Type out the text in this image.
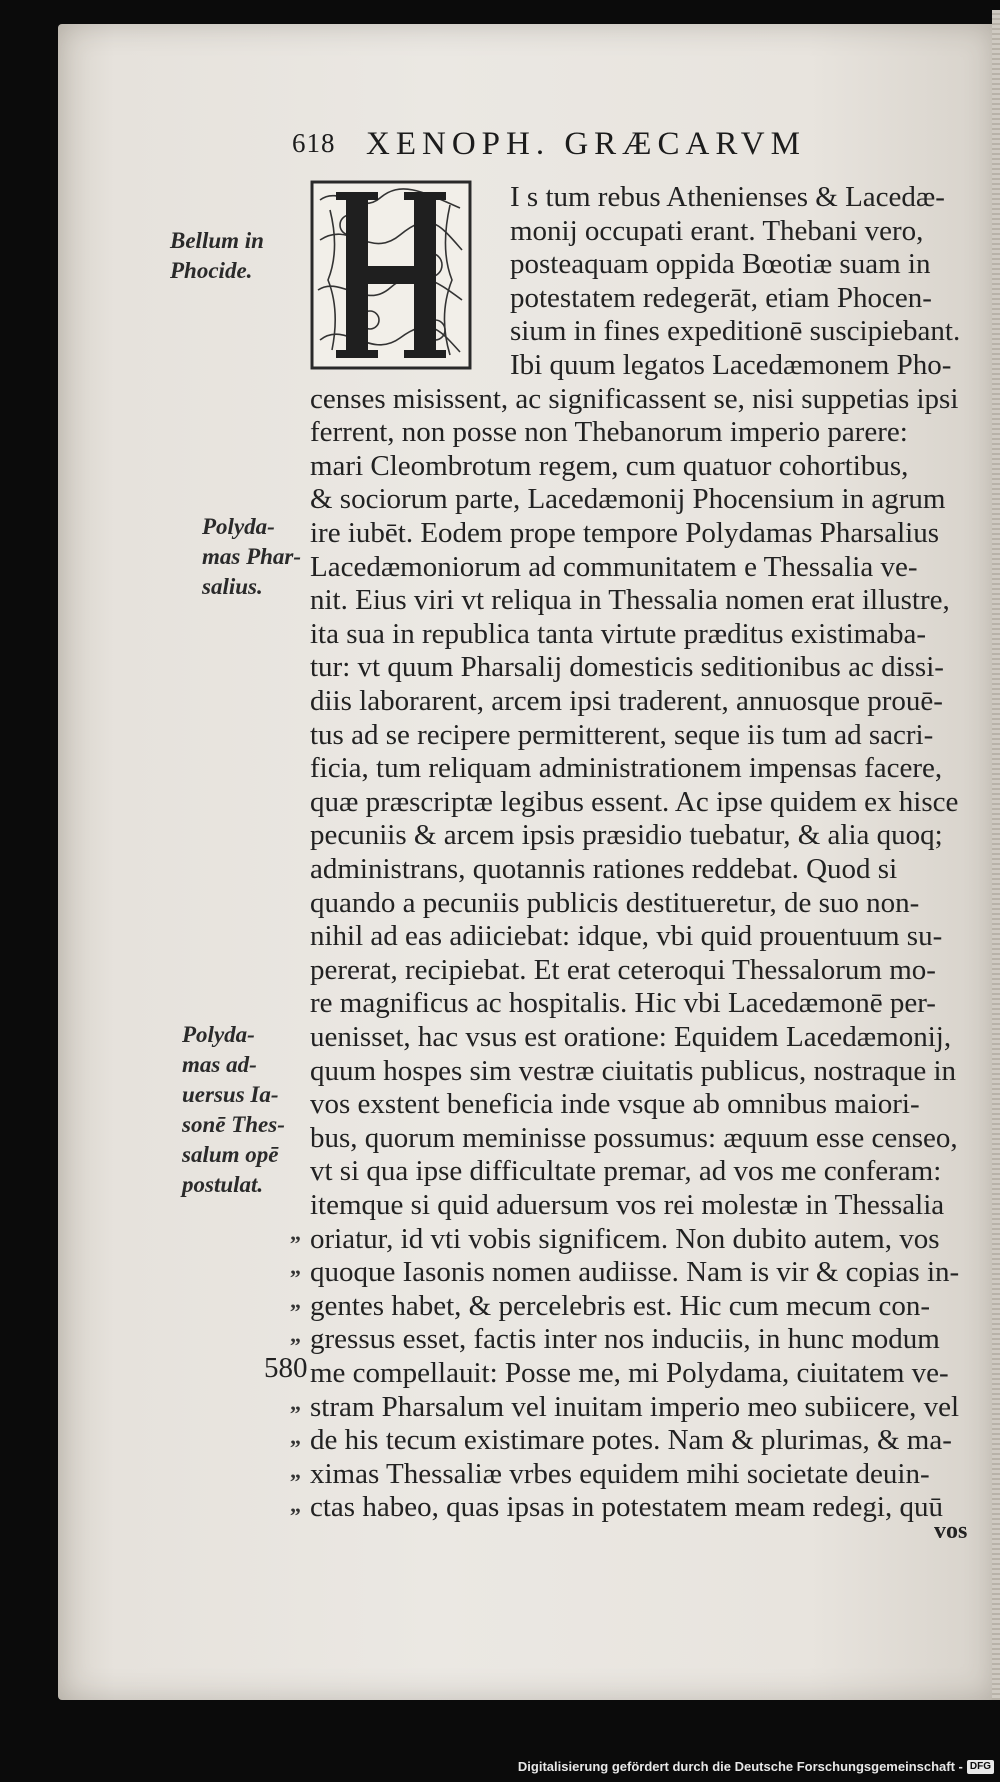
618 XENOPH. GRÆCARVM
I s tum rebus Athenienses & Lacedæ-
monij occupati erant. Thebani vero,
posteaquam oppida Bœotiæ suam in
potestatem redegerāt, etiam Phocen-
sium in fines expeditionē suscipiebant.
Ibi quum legatos Lacedæmonem Pho-
censes misissent, ac significassent se, nisi suppetias ipsi
ferrent, non posse non Thebanorum imperio parere:
mari Cleombrotum regem, cum quatuor cohortibus,
& sociorum parte, Lacedæmonij Phocensium in agrum
ire iubēt. Eodem prope tempore Polydamas Pharsalius
Lacedæmoniorum ad communitatem e Thessalia ve-
nit. Eius viri vt reliqua in Thessalia nomen erat illustre,
ita sua in republica tanta virtute præditus existimaba-
tur: vt quum Pharsalij domesticis seditionibus ac dissi-
diis laborarent, arcem ipsi traderent, annuosque prouē-
tus ad se recipere permitterent, seque iis tum ad sacri-
ficia, tum reliquam administrationem impensas facere,
quæ præscriptæ legibus essent. Ac ipse quidem ex hisce
pecuniis & arcem ipsis præsidio tuebatur, & alia quoq;
administrans, quotannis rationes reddebat. Quod si
quando a pecuniis publicis destitueretur, de suo non-
nihil ad eas adiiciebat: idque, vbi quid prouentuum su-
pererat, recipiebat. Et erat ceteroqui Thessalorum mo-
re magnificus ac hospitalis. Hic vbi Lacedæmonē per-
uenisset, hac vsus est oratione: Equidem Lacedæmonij,
quum hospes sim vestræ ciuitatis publicus, nostraque in
vos exstent beneficia inde vsque ab omnibus maiori-
bus, quorum meminisse possumus: æquum esse censeo,
vt si qua ipse difficultate premar, ad vos me conferam:
itemque si quid aduersum vos rei molestæ in Thessalia
oriatur, id vti vobis significem. Non dubito autem, vos
quoque Iasonis nomen audiisse. Nam is vir & copias in-
gentes habet, & percelebris est. Hic cum mecum con-
gressus esset, factis inter nos induciis, in hunc modum
me compellauit: Posse me, mi Polydama, ciuitatem ve-
stram Pharsalum vel inuitam imperio meo subiicere, vel
de his tecum existimare potes. Nam & plurimas, & ma-
ximas Thessaliæ vrbes equidem mihi societate deuin-
ctas habeo, quas ipsas in potestatem meam redegi, quū
Bellum in
Phocide.
Polyda-
mas Phar-
salius.
Polyda-
mas ad-
uersus Ia-
sonē Thes-
salum opē
postulat.
„
„
„
„
„
„
„
„
580
vos
Digitalisierung gefördert durch die Deutsche Forschungsgemeinschaft - DFG
